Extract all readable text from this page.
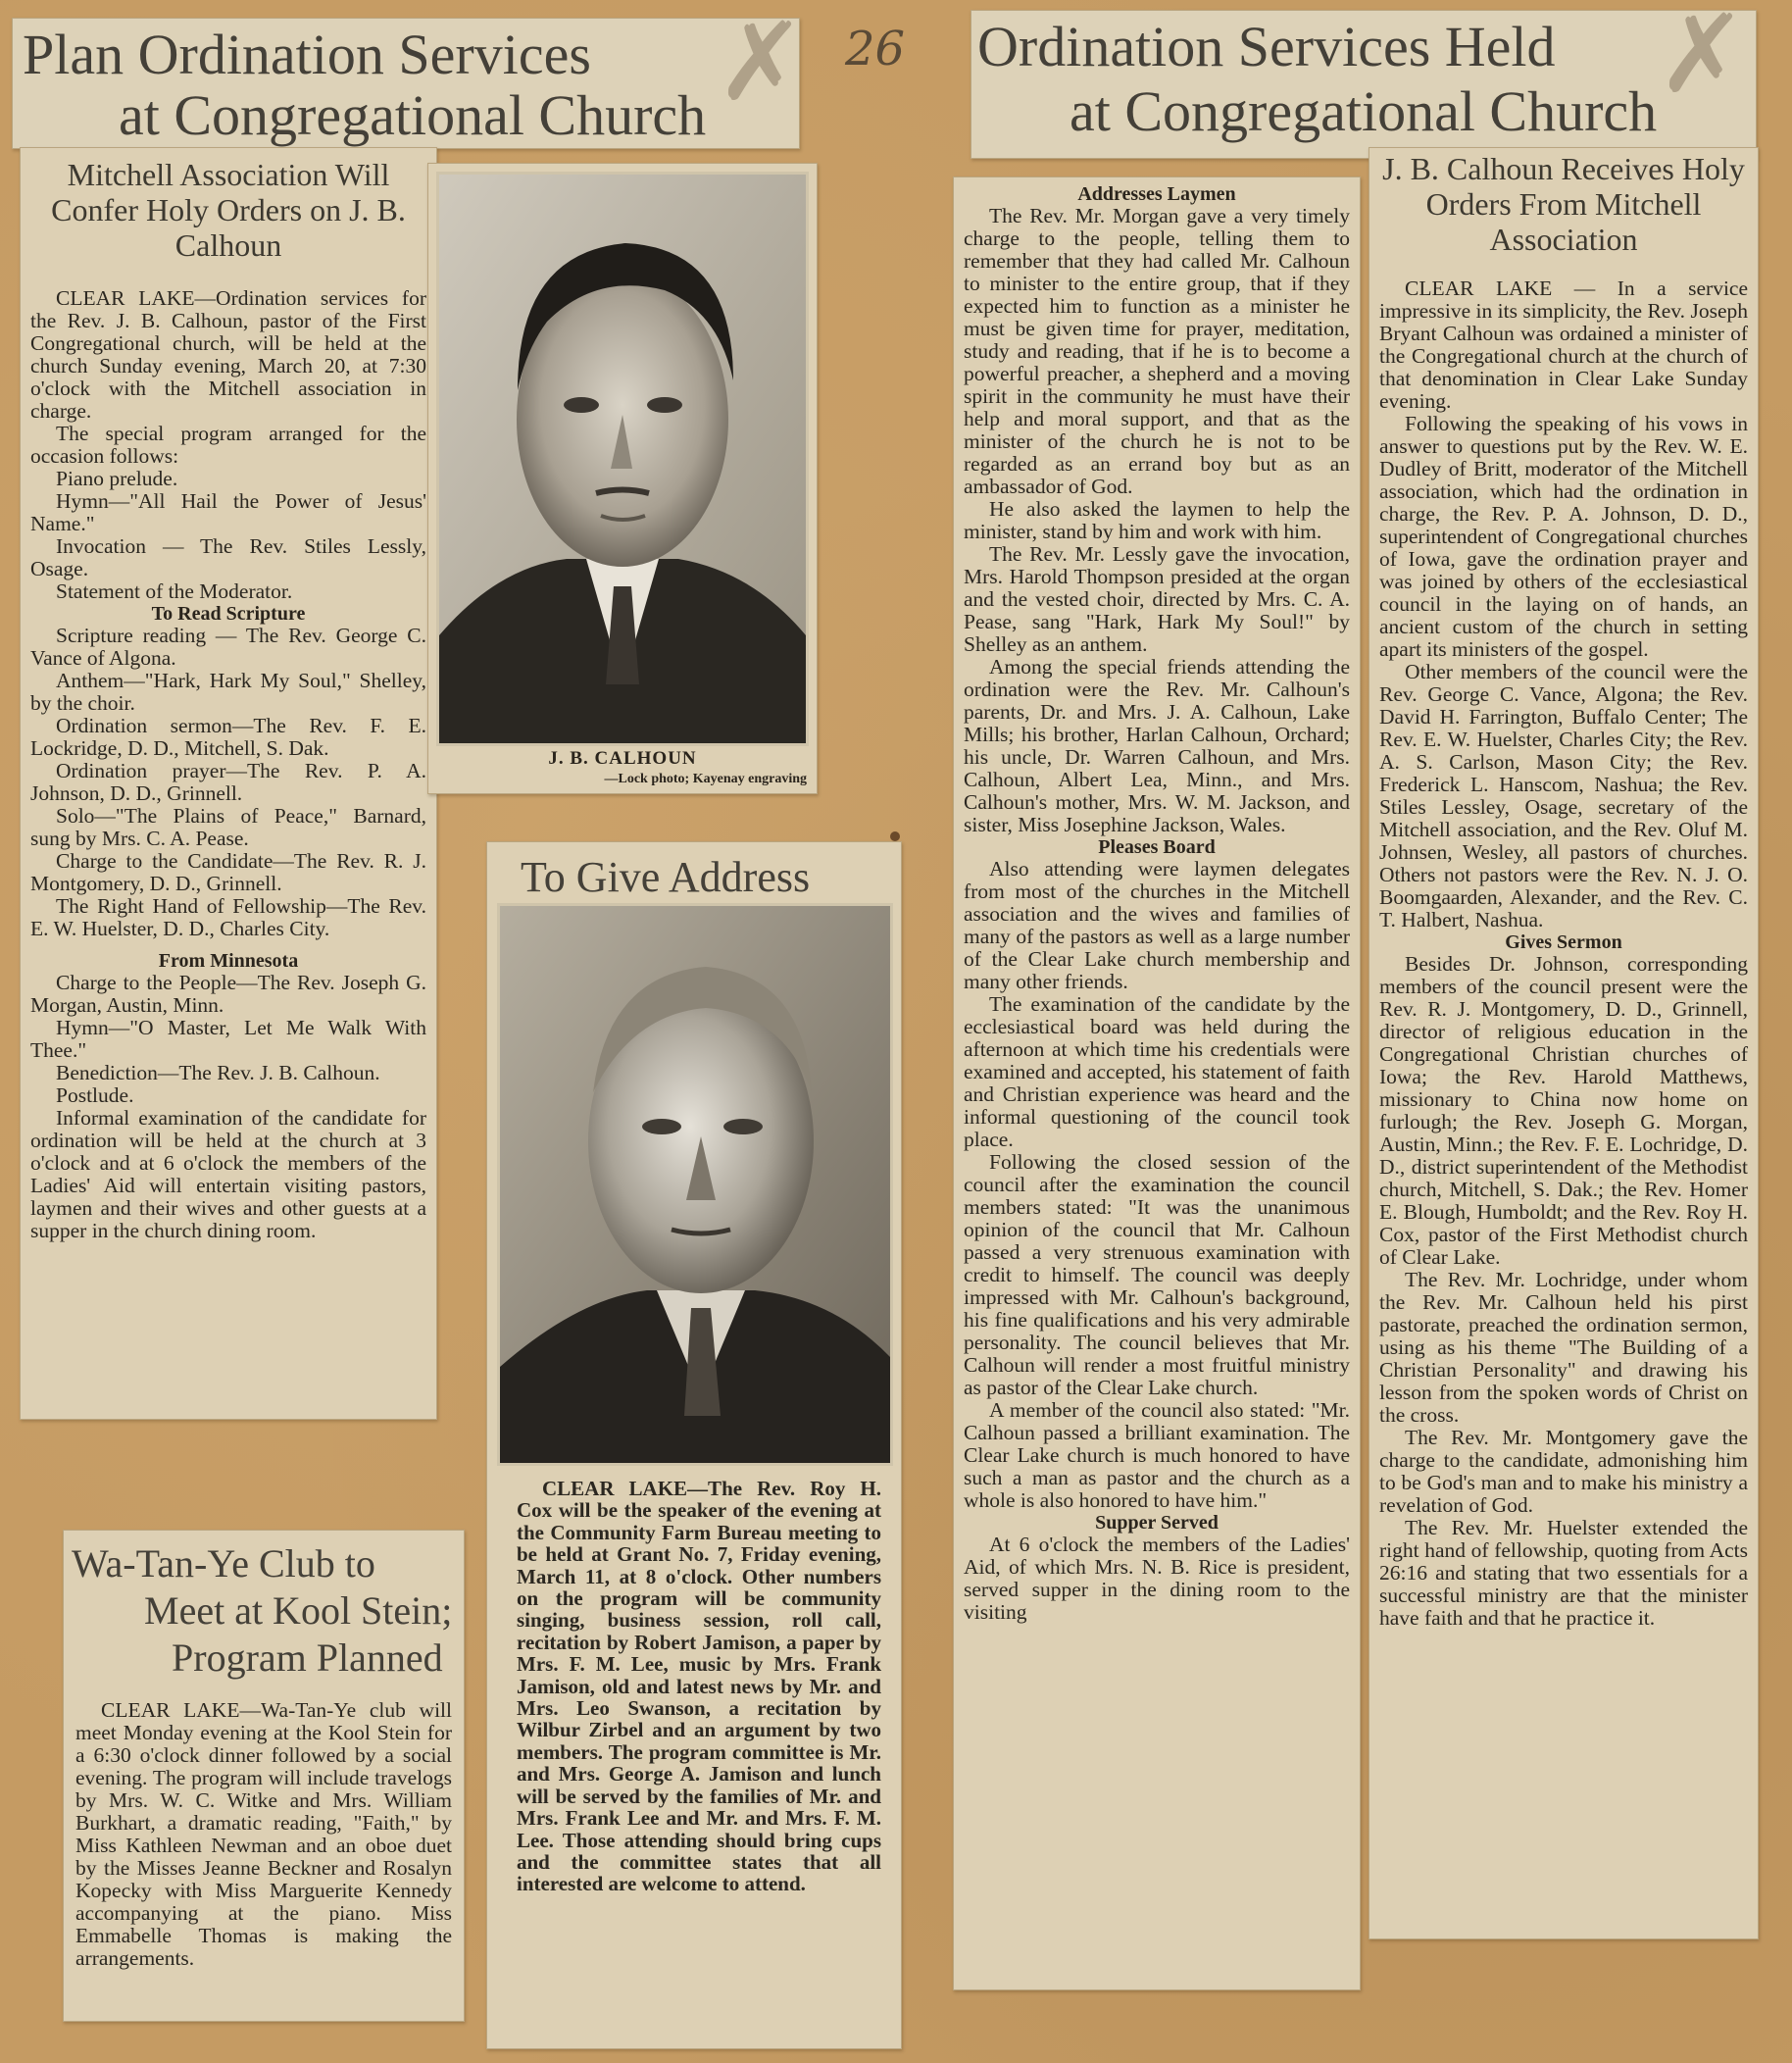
26
Plan Ordination Services
at Congregational Church ✗
Mitchell Association Will Confer Holy Orders on J. B. Calhoun

CLEAR LAKE—Ordination services for the Rev. J. B. Calhoun, pastor of the First Congregational church, will be held at the church Sunday evening, March 20, at 7:30 o'clock with the Mitchell association in charge.

The special program arranged for the occasion follows:

Piano prelude.

Hymn—"All Hail the Power of Jesus' Name."

Invocation — The Rev. Stiles Lessly, Osage.

Statement of the Moderator.

To Read Scripture

Scripture reading — The Rev. George C. Vance of Algona.

Anthem—"Hark, Hark My Soul," Shelley, by the choir.

Ordination sermon—The Rev. F. E. Lockridge, D. D., Mitchell, S. Dak.

Ordination prayer—The Rev. P. A. Johnson, D. D., Grinnell.

Solo—"The Plains of Peace," Barnard, sung by Mrs. C. A. Pease.

Charge to the Candidate—The Rev. R. J. Montgomery, D. D., Grinnell.

The Right Hand of Fellowship—The Rev. E. W. Huelster, D. D., Charles City.

From Minnesota

Charge to the People—The Rev. Joseph G. Morgan, Austin, Minn.

Hymn—"O Master, Let Me Walk With Thee."

Benediction—The Rev. J. B. Calhoun.

Postlude.

Informal examination of the candidate for ordination will be held at the church at 3 o'clock and at 6 o'clock the members of the Ladies' Aid will entertain visiting pastors, laymen and their wives and other guests at a supper in the church dining room.

J. B. CALHOUN

—Lock photo; Kayenay engraving

To Give Address

CLEAR LAKE—The Rev. Roy H. Cox will be the speaker of the evening at the Community Farm Bureau meeting to be held at Grant No. 7, Friday evening, March 11, at 8 o'clock. Other numbers on the program will be community singing, business session, roll call, recitation by Robert Jamison, a paper by Mrs. F. M. Lee, music by Mrs. Frank Jamison, old and latest news by Mr. and Mrs. Leo Swanson, a recitation by Wilbur Zirbel and an argument by two members. The program committee is Mr. and Mrs. George A. Jamison and lunch will be served by the families of Mr. and Mrs. Frank Lee and Mr. and Mrs. F. M. Lee. Those attending should bring cups and the committee states that all interested are welcome to attend.

Wa-Tan-Ye Club to
Meet at Kool Stein;
Program Planned

CLEAR LAKE—Wa-Tan-Ye club will meet Monday evening at the Kool Stein for a 6:30 o'clock dinner followed by a social evening. The program will include travelogs by Mrs. W. C. Witke and Mrs. William Burkhart, a dramatic reading, "Faith," by Miss Kathleen Newman and an oboe duet by the Misses Jeanne Beckner and Rosalyn Kopecky with Miss Marguerite Kennedy accompanying at the piano. Miss Emmabelle Thomas is making the arrangements.

Ordination Services Held
at Congregational Church ✗

Addresses Laymen

The Rev. Mr. Morgan gave a very timely charge to the people, telling them to remember that they had called Mr. Calhoun to minister to the entire group, that if they expected him to function as a minister he must be given time for prayer, meditation, study and reading, that if he is to become a powerful preacher, a shepherd and a moving spirit in the community he must have their help and moral support, and that as the minister of the church he is not to be regarded as an errand boy but as an ambassador of God.

He also asked the laymen to help the minister, stand by him and work with him.

The Rev. Mr. Lessly gave the invocation, Mrs. Harold Thompson presided at the organ and the vested choir, directed by Mrs. C. A. Pease, sang "Hark, Hark My Soul!" by Shelley as an anthem.

Among the special friends attending the ordination were the Rev. Mr. Calhoun's parents, Dr. and Mrs. J. A. Calhoun, Lake Mills; his brother, Harlan Calhoun, Orchard; his uncle, Dr. Warren Calhoun, and Mrs. Calhoun, Albert Lea, Minn., and Mrs. Calhoun's mother, Mrs. W. M. Jackson, and sister, Miss Josephine Jackson, Wales.

Pleases Board

Also attending were laymen delegates from most of the churches in the Mitchell association and the wives and families of many of the pastors as well as a large number of the Clear Lake church membership and many other friends.

The examination of the candidate by the ecclesiastical board was held during the afternoon at which time his credentials were examined and accepted, his statement of faith and Christian experience was heard and the informal questioning of the council took place.

Following the closed session of the council after the examination the council members stated: "It was the unanimous opinion of the council that Mr. Calhoun passed a very strenuous examination with credit to himself. The council was deeply impressed with Mr. Calhoun's background, his fine qualifications and his very admirable personality. The council believes that Mr. Calhoun will render a most fruitful ministry as pastor of the Clear Lake church.

A member of the council also stated: "Mr. Calhoun passed a brilliant examination. The Clear Lake church is much honored to have such a man as pastor and the church as a whole is also honored to have him."

Supper Served

At 6 o'clock the members of the Ladies' Aid, of which Mrs. N. B. Rice is president, served supper in the dining room to the visiting

J. B. Calhoun Receives Holy Orders From Mitchell Association

CLEAR LAKE — In a service impressive in its simplicity, the Rev. Joseph Bryant Calhoun was ordained a minister of the Congregational church at the church of that denomination in Clear Lake Sunday evening.

Following the speaking of his vows in answer to questions put by the Rev. W. E. Dudley of Britt, moderator of the Mitchell association, which had the ordination in charge, the Rev. P. A. Johnson, D. D., superintendent of Congregational churches of Iowa, gave the ordination prayer and was joined by others of the ecclesiastical council in the laying on of hands, an ancient custom of the church in setting apart its ministers of the gospel.

Other members of the council were the Rev. George C. Vance, Algona; the Rev. David H. Farrington, Buffalo Center; The Rev. E. W. Huelster, Charles City; the Rev. A. S. Carlson, Mason City; the Rev. Frederick L. Hanscom, Nashua; the Rev. Stiles Lessley, Osage, secretary of the Mitchell association, and the Rev. Oluf M. Johnsen, Wesley, all pastors of churches. Others not pastors were the Rev. N. J. O. Boomgaarden, Alexander, and the Rev. C. T. Halbert, Nashua.

Gives Sermon

Besides Dr. Johnson, corresponding members of the council present were the Rev. R. J. Montgomery, D. D., Grinnell, director of religious education in the Congregational Christian churches of Iowa; the Rev. Harold Matthews, missionary to China now home on furlough; the Rev. Joseph G. Morgan, Austin, Minn.; the Rev. F. E. Lochridge, D. D., district superintendent of the Methodist church, Mitchell, S. Dak.; the Rev. Homer E. Blough, Humboldt; and the Rev. Roy H. Cox, pastor of the First Methodist church of Clear Lake.

The Rev. Mr. Lochridge, under whom the Rev. Mr. Calhoun held his pirst pastorate, preached the ordination sermon, using as his theme "The Building of a Christian Personality" and drawing his lesson from the spoken words of Christ on the cross.

The Rev. Mr. Montgomery gave the charge to the candidate, admonishing him to be God's man and to make his ministry a revelation of God.

The Rev. Mr. Huelster extended the right hand of fellowship, quoting from Acts 26:16 and stating that two essentials for a successful ministry are that the minister have faith and that he practice it.
